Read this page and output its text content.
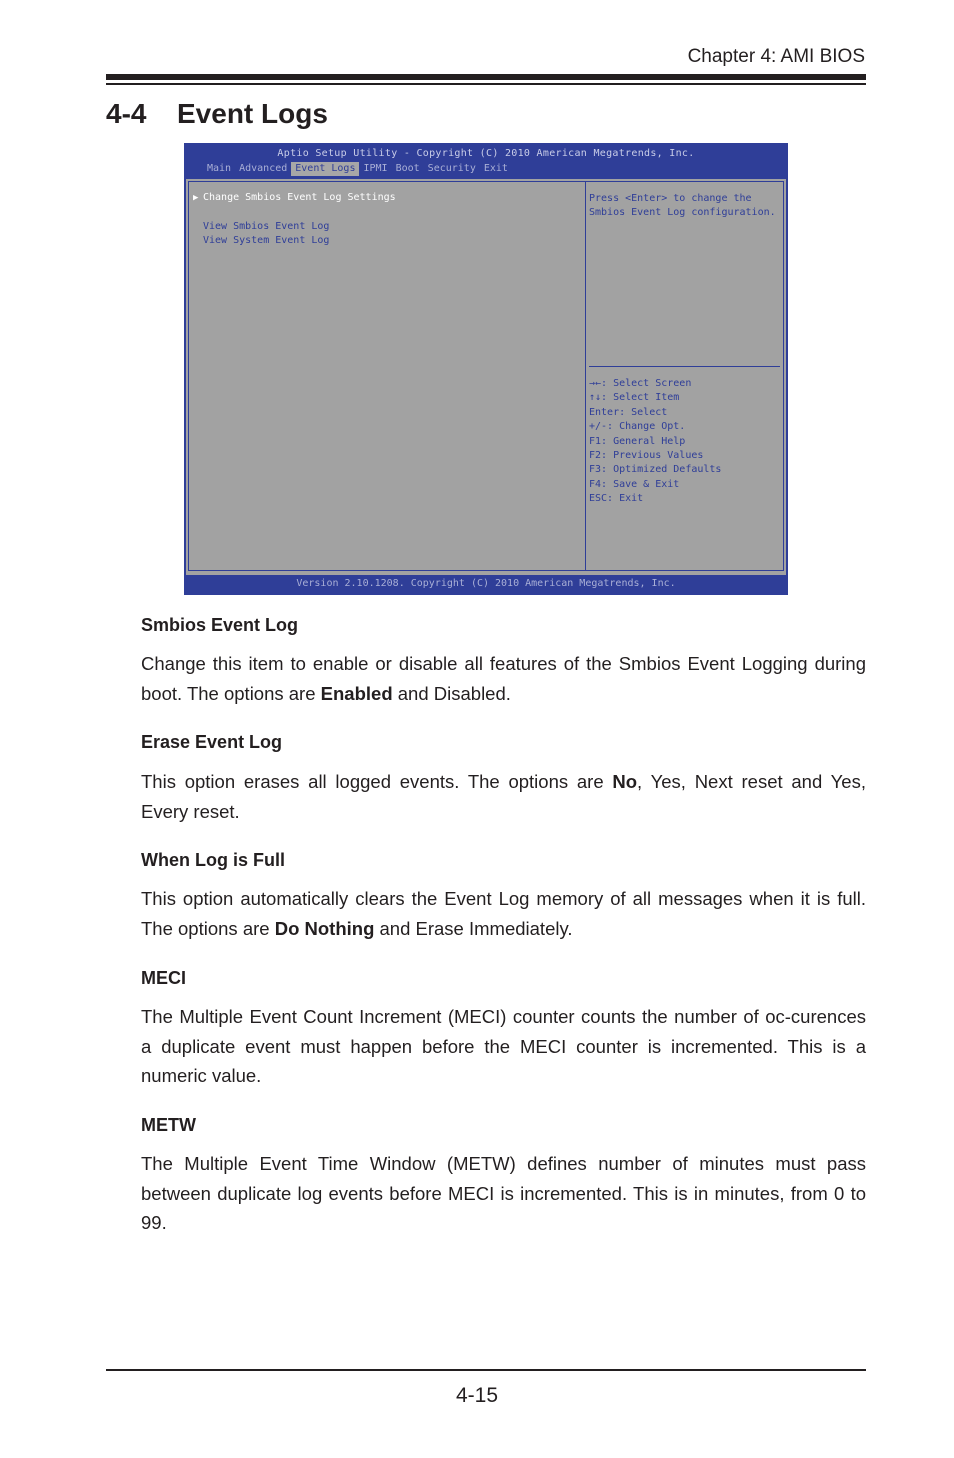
Chapter 4: AMI BIOS
4-4 Event Logs
Aptio Setup Utility - Copyright (C) 2010 American Megatrends, Inc.
Main Advanced Event Logs IPMI Boot Security Exit
▶ Change Smbios Event Log Settings
View Smbios Event Log
View System Event Log
Press <Enter> to change the
Smbios Event Log configuration.
→←: Select Screen
↑↓: Select Item
Enter: Select
+/-: Change Opt.
F1: General Help
F2: Previous Values
F3: Optimized Defaults
F4: Save & Exit
ESC: Exit
Version 2.10.1208. Copyright (C) 2010 American Megatrends, Inc.
Smbios Event Log

Change this item to enable or disable all features of the Smbios Event Logging during boot. The options are Enabled and Disabled.

Erase Event Log

This option erases all logged events. The options are No, Yes, Next reset and Yes, Every reset.

When Log is Full

This option automatically clears the Event Log memory of all messages when it is full. The options are Do Nothing and Erase Immediately.

MECI

The Multiple Event Count Increment (MECI) counter counts the number of oc-curences a duplicate event must happen before the MECI counter is incremented. This is a numeric value.

METW

The Multiple Event Time Window (METW) defines number of minutes must pass between duplicate log events before MECI is incremented. This is in minutes, from 0 to 99.

4-15
